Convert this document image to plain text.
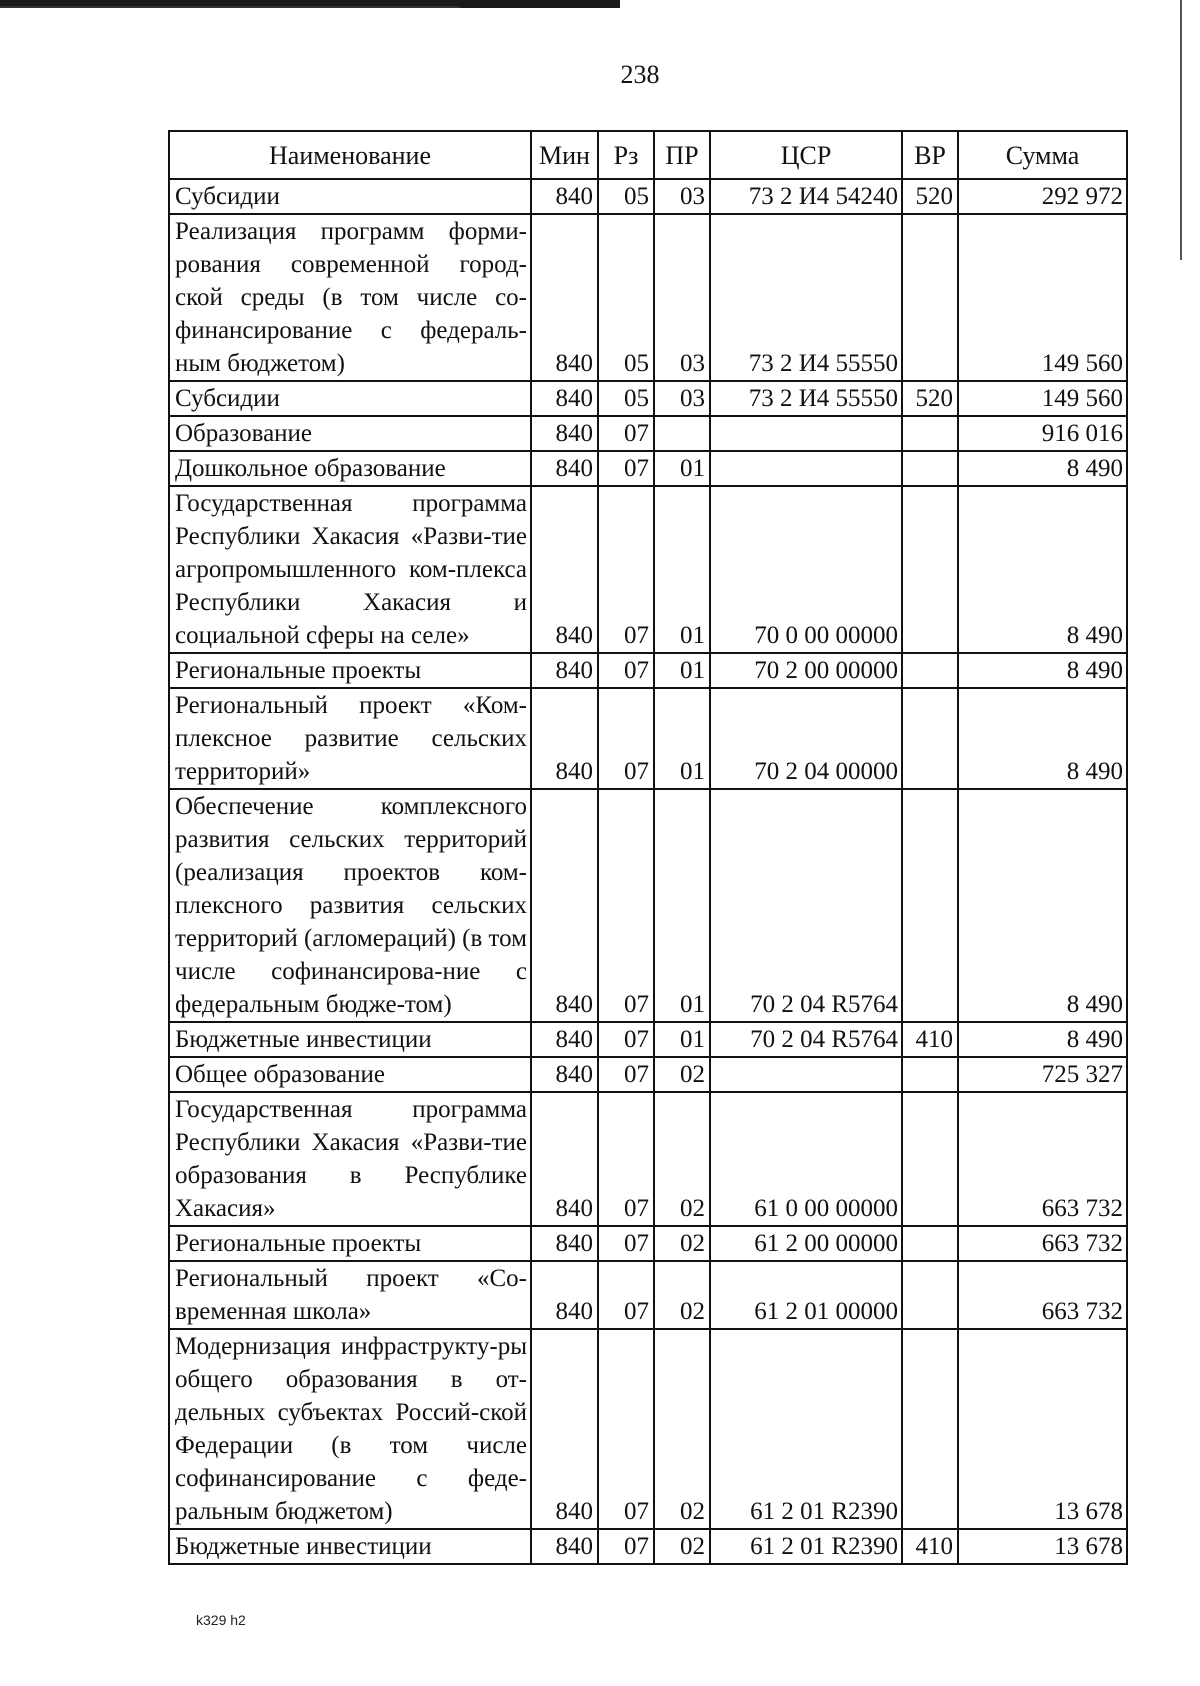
238
Наименование	Мин	Рз	ПР	ЦСР	ВР	Сумма
Субсидии	840	05	03	73 2 И4 54240	520	292 972
Реализация программ форми-рования современной город-ской среды (в том числе со-финансирование с федераль-ным бюджетом)	840	05	03	73 2 И4 55550		149 560
Субсидии	840	05	03	73 2 И4 55550	520	149 560
Образование	840	07				916 016
Дошкольное образование	840	07	01			8 490
Государственная программа Республики Хакасия «Разви-тие агропромышленного ком-плекса Республики Хакасия и социальной сферы на селе»	840	07	01	70 0 00 00000		8 490
Региональные проекты	840	07	01	70 2 00 00000		8 490
Региональный проект «Ком-плексное развитие сельских территорий»	840	07	01	70 2 04 00000		8 490
Обеспечение комплексного развития сельских территорий (реализация проектов ком-плексного развития сельских территорий (агломераций) (в том числе софинансирова-ние с федеральным бюдже-том)	840	07	01	70 2 04 R5764		8 490
Бюджетные инвестиции	840	07	01	70 2 04 R5764	410	8 490
Общее образование	840	07	02			725 327
Государственная программа Республики Хакасия «Разви-тие образования в Республике Хакасия»	840	07	02	61 0 00 00000		663 732
Региональные проекты	840	07	02	61 2 00 00000		663 732
Региональный проект «Со-временная школа»	840	07	02	61 2 01 00000		663 732
Модернизация инфраструкту-ры общего образования в от-дельных субъектах Россий-ской Федерации (в том числе софинансирование с феде-ральным бюджетом)	840	07	02	61 2 01 R2390		13 678
Бюджетные инвестиции	840	07	02	61 2 01 R2390	410	13 678
k329 h2
